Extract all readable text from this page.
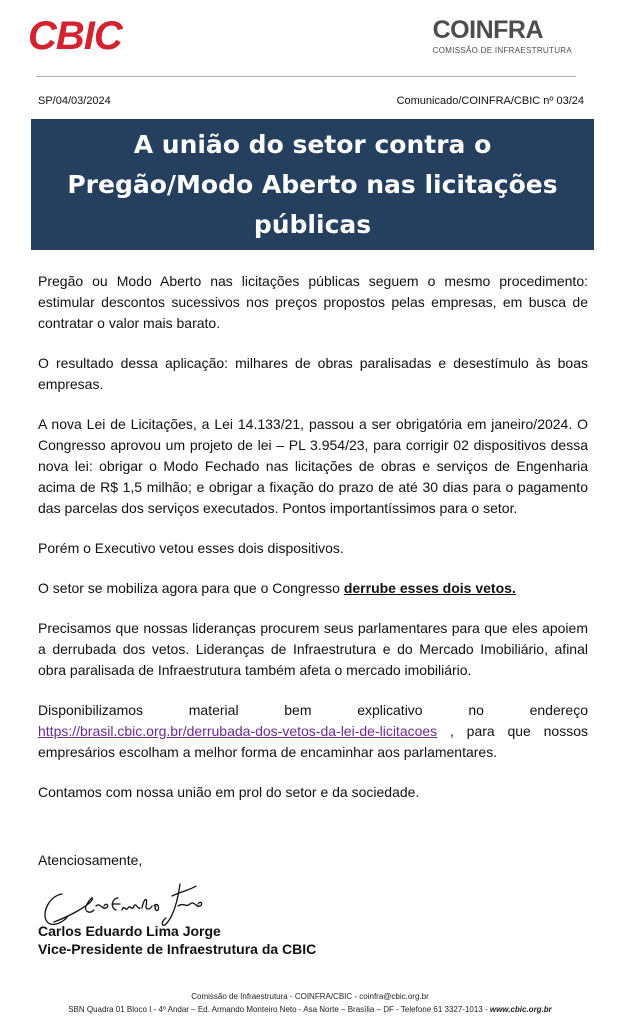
CBIC	COINFRA
COMISSÃO DE INFRAESTRUTURA
SP/04/03/2024	Comunicado/COINFRA/CBIC nº 03/24
A união do setor contra o Pregão/Modo Aberto nas licitações públicas

Pregão ou Modo Aberto nas licitações públicas seguem o mesmo procedimento: estimular descontos sucessivos nos preços propostos pelas empresas, em busca de contratar o valor mais barato.

O resultado dessa aplicação: milhares de obras paralisadas e desestímulo às boas empresas.

A nova Lei de Licitações, a Lei 14.133/21, passou a ser obrigatória em janeiro/2024. O Congresso aprovou um projeto de lei – PL 3.954/23, para corrigir 02 dispositivos dessa nova lei: obrigar o Modo Fechado nas licitações de obras e serviços de Engenharia acima de R$ 1,5 milhão; e obrigar a fixação do prazo de até 30 dias para o pagamento das parcelas dos serviços executados. Pontos importantíssimos para o setor.

Porém o Executivo vetou esses dois dispositivos.

O setor se mobiliza agora para que o Congresso derrube esses dois vetos.

Precisamos que nossas lideranças procurem seus parlamentares para que eles apoiem a derrubada dos vetos. Lideranças de Infraestrutura e do Mercado Imobiliário, afinal obra paralisada de Infraestrutura também afeta o mercado imobiliário.

Disponibilizamos material bem explicativo no endereço https://brasil.cbic.org.br/derrubada-dos-vetos-da-lei-de-licitacoes , para que nossos empresários escolham a melhor forma de encaminhar aos parlamentares.

Contamos com nossa união em prol do setor e da sociedade.

Atenciosamente,
Carlos Eduardo Jorge
Carlos Eduardo Lima Jorge
Vice-Presidente de Infraestrutura da CBIC
Comissão de Infraestrutura - COINFRA/CBIC - coinfra@cbic.org.br
SBN Quadra 01 Bloco I - 4º Andar – Ed. Armando Monteiro Neto - Asa Norte – Brasília – DF - Telefone 61 3327-1013 - www.cbic.org.br
